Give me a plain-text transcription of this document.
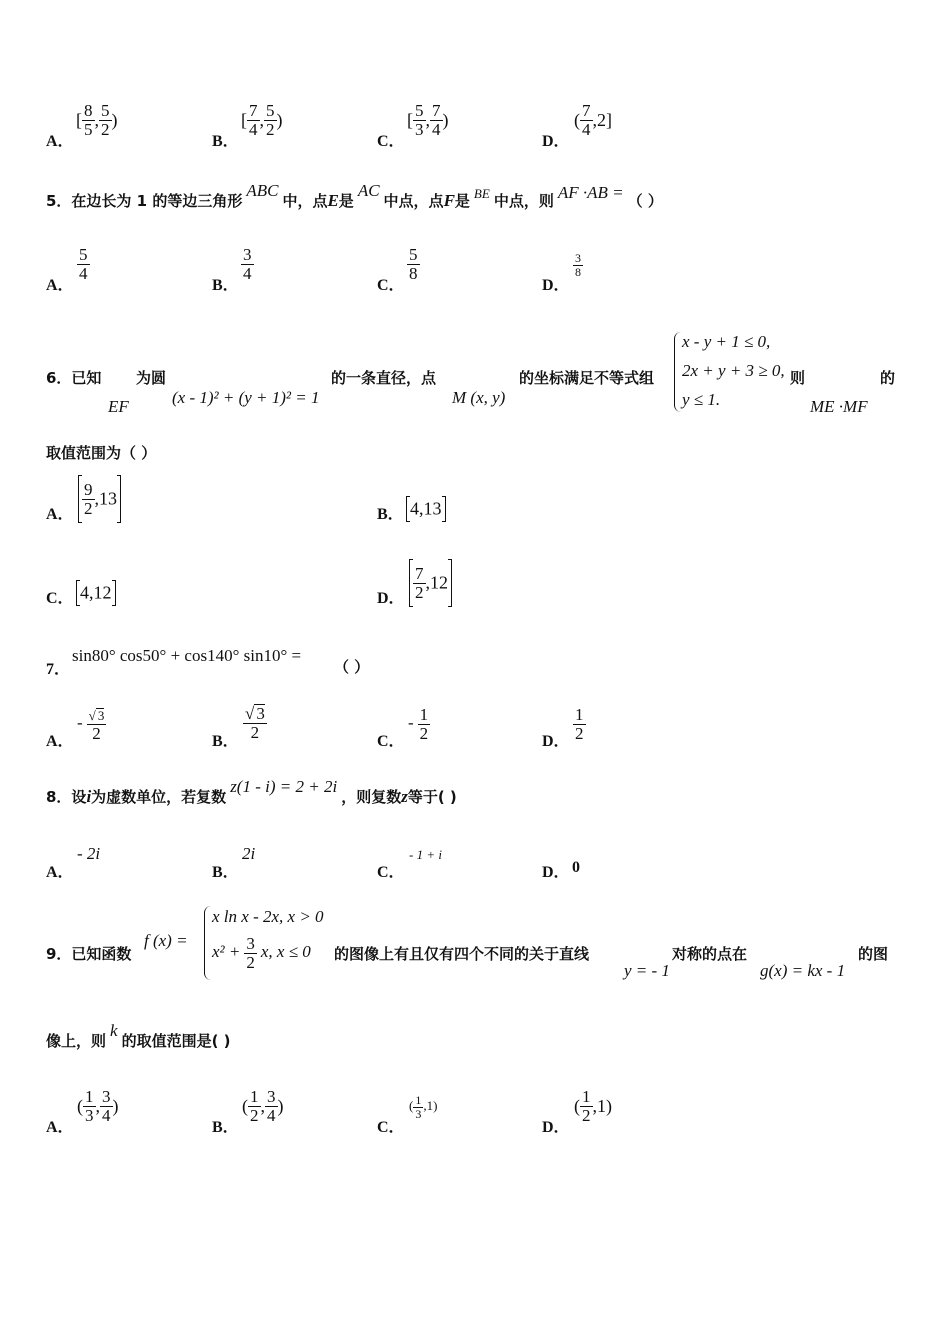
A．
[ $\frac{8}{5}$ , $\frac{5}{2}$ )
B．
[ $\frac{7}{4}$ , $\frac{5}{2}$ )
C．
[ $\frac{5}{3}$ , $\frac{7}{4}$ )
D．
( $\frac{7}{4} ,2$]
5．在边长为 1 的等边三角形 ABC 中，点E是 AC 中点，点F是 $^{BE}$ 中点，则 AF ·AB = （ ）
A．
$\frac{5}{4}$
B．
$\frac{3}{4}$
C．
$\frac{5}{8}$
D．
$\frac{3}{8}$
6．已知
EF
为圆
(x - 1)² + (y + 1)² = 1
的一条直径，点
M (x, y)
的坐标满足不等式组
x - y + 1 ≤ 0,
2x + y + 3 ≥ 0,
y ≤ 1.
则
ME ·MF
的
取值范围为（ ）
A． $\frac{9}{2} ,13$
B． 4,13
C． 4,12	D． $\frac{7}{2} ,12$
7．
sin80° cos50° + cos140° sin10° =
（ ）
A．
- $\frac{√ 3}{2}$	B． $\frac{√ 3}{2}$	C．
- $\frac{1}{2}$	D． $\frac{1}{2}$
8．设i为虚数单位，若复数 z(1 - i) = 2 + 2i ，则复数z等于( )
A．
- 2i
B．
2i
C．
- 1 + i
D． 0
9．已知函数
f (x) =
x ln x - 2x, x > 0
$x^2 + \frac{3}{2} x$, x ≤ 0 的图像上有且仅有四个不同的关于直线
y = - 1
对称的点在
g(x) = kx - 1
的图
像上，则 k 的取值范围是( )
A．
( $\frac{1}{3}$ , $\frac{3}{4}$ )
B．
( $\frac{1}{2}$ , $\frac{3}{4}$ )
C．
( $\frac{1}{3} ,1$)
D．
( $\frac{1}{2} ,1$)
